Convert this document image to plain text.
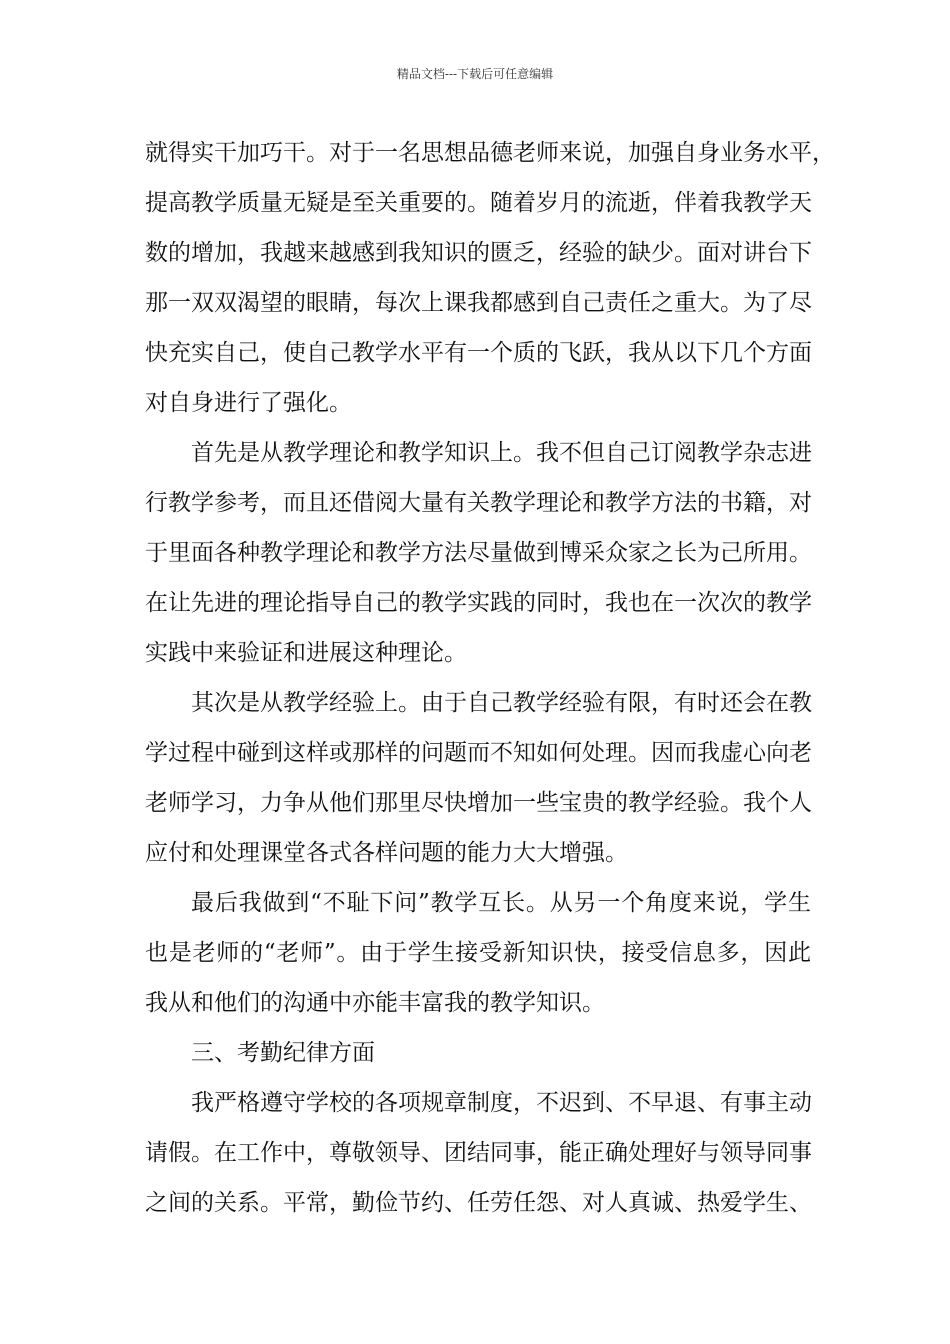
精品文档---下载后可任意编辑
就得实干加巧干。对于一名思想品德老师来说，加强自身业务水平，
提高教学质量无疑是至关重要的。随着岁月的流逝，伴着我教学天
数的增加，我越来越感到我知识的匮乏，经验的缺少。面对讲台下
那一双双渴望的眼睛，每次上课我都感到自己责任之重大。为了尽
快充实自己，使自己教学水平有一个质的飞跃，我从以下几个方面
对自身进行了强化。
首先是从教学理论和教学知识上。我不但自己订阅教学杂志进
行教学参考，而且还借阅大量有关教学理论和教学方法的书籍，对
于里面各种教学理论和教学方法尽量做到博采众家之长为己所用。
在让先进的理论指导自己的教学实践的同时，我也在一次次的教学
实践中来验证和进展这种理论。
其次是从教学经验上。由于自己教学经验有限，有时还会在教
学过程中碰到这样或那样的问题而不知如何处理。因而我虚心向老
老师学习，力争从他们那里尽快增加一些宝贵的教学经验。我个人
应付和处理课堂各式各样问题的能力大大增强。
最后我做到“不耻下问”教学互长。从另一个角度来说，学生
也是老师的“老师”。由于学生接受新知识快，接受信息多，因此
我从和他们的沟通中亦能丰富我的教学知识。
三、考勤纪律方面
我严格遵守学校的各项规章制度，不迟到、不早退、有事主动
请假。在工作中，尊敬领导、团结同事，能正确处理好与领导同事
之间的关系。平常，勤俭节约、任劳任怨、对人真诚、热爱学生、
